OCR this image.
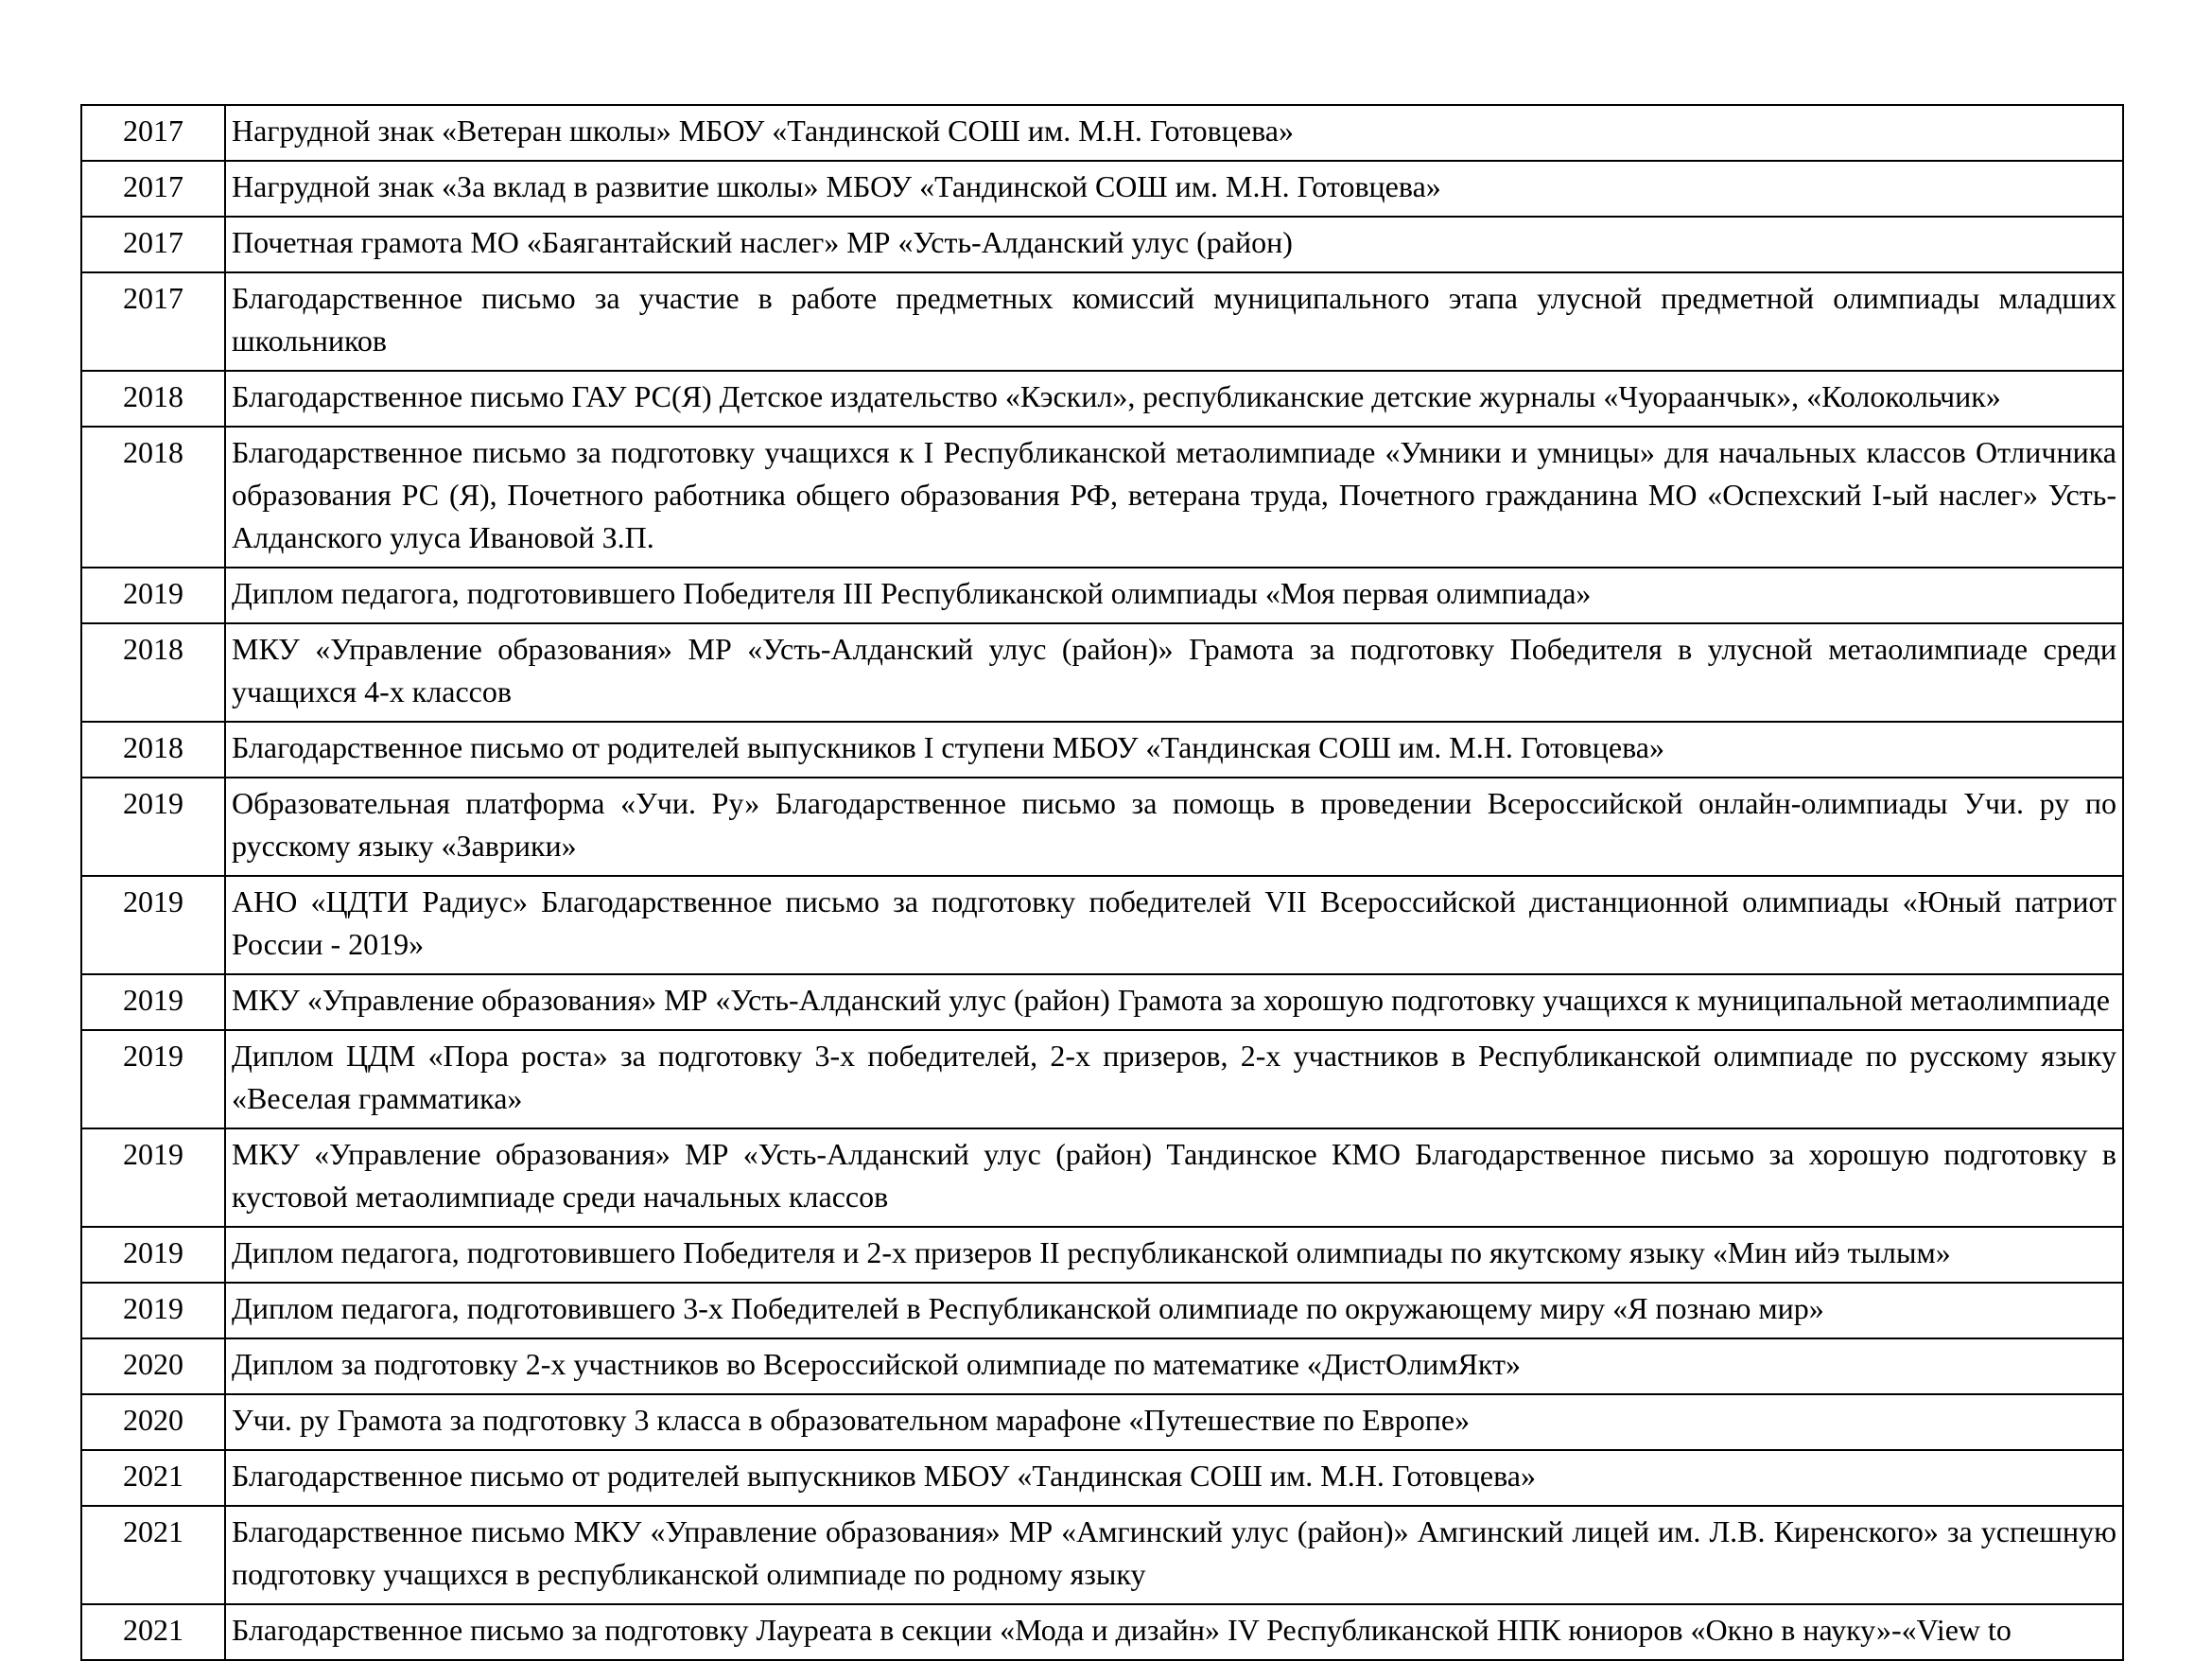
2017	Нагрудной знак «Ветеран школы» МБОУ «Тандинской СОШ им. М.Н. Готовцева»
2017	Нагрудной знак «За вклад в развитие школы» МБОУ «Тандинской СОШ им. М.Н. Готовцева»
2017	Почетная грамота МО «Баягантайский наслег» МР «Усть-Алданский улус (район)
2017	Благодарственное письмо за участие в работе предметных комиссий муниципального этапа улусной предметной олимпиады младших школьников
2018	Благодарственное письмо ГАУ РС(Я) Детское издательство «Кэскил», республиканские детские журналы «Чуораанчык», «Колокольчик»
2018	Благодарственное письмо за подготовку учащихся к I Республиканской метаолимпиаде «Умники и умницы» для начальных классов Отличника образования РС (Я), Почетного работника общего образования РФ, ветерана труда, Почетного гражданина МО «Оспехский I-ый наслег» Усть-Алданского улуса Ивановой З.П.
2019	Диплом педагога, подготовившего Победителя III Республиканской олимпиады «Моя первая олимпиада»
2018	МКУ «Управление образования» МР «Усть-Алданский улус (район)» Грамота за подготовку Победителя в улусной метаолимпиаде среди учащихся 4-х классов
2018	Благодарственное письмо от родителей выпускников I ступени МБОУ «Тандинская СОШ им. М.Н. Готовцева»
2019	Образовательная платформа «Учи. Ру» Благодарственное письмо за помощь в проведении Всероссийской онлайн-олимпиады Учи. ру по русскому языку «Заврики»
2019	АНО «ЦДТИ Радиус» Благодарственное письмо за подготовку победителей VII Всероссийской дистанционной олимпиады «Юный патриот России - 2019»
2019	МКУ «Управление образования» МР «Усть-Алданский улус (район) Грамота за хорошую подготовку учащихся к муниципальной метаолимпиаде
2019	Диплом ЦДМ «Пора роста» за подготовку 3-х победителей, 2-х призеров, 2-х участников в Республиканской олимпиаде по русскому языку «Веселая грамматика»
2019	МКУ «Управление образования» МР «Усть-Алданский улус (район) Тандинское КМО Благодарственное письмо за хорошую подготовку в кустовой метаолимпиаде среди начальных классов
2019	Диплом педагога, подготовившего Победителя и 2-х призеров II республиканской олимпиады по якутскому языку «Мин ийэ тылым»
2019	Диплом педагога, подготовившего 3-х Победителей в Республиканской олимпиаде по окружающему миру «Я познаю мир»
2020	Диплом за подготовку 2-х участников во Всероссийской олимпиаде по математике «ДистОлимЯкт»
2020	Учи. ру Грамота за подготовку 3 класса в образовательном марафоне «Путешествие по Европе»
2021	Благодарственное письмо от родителей выпускников МБОУ «Тандинская СОШ им. М.Н. Готовцева»
2021	Благодарственное письмо МКУ «Управление образования» МР «Амгинский улус (район)» Амгинский лицей им. Л.В. Киренского» за успешную подготовку учащихся в республиканской олимпиаде по родному языку
2021	Благодарственное письмо за подготовку Лауреата в секции «Мода и дизайн» IV Республиканской НПК юниоров «Окно в науку»-«View to
